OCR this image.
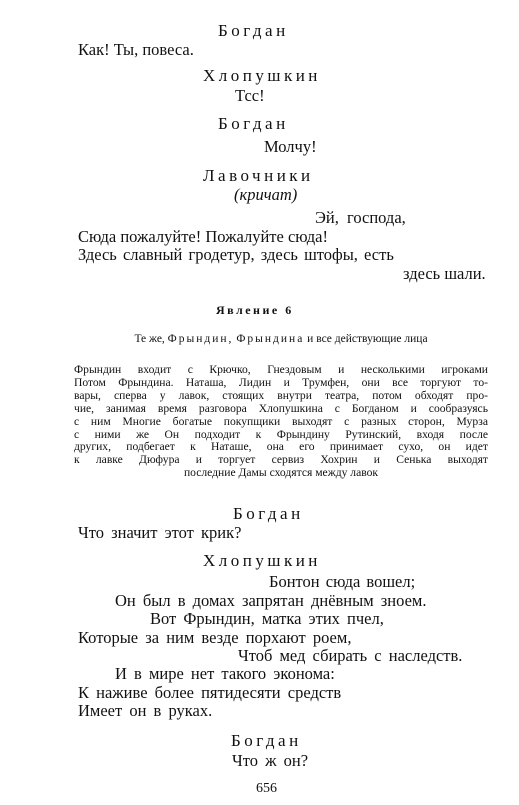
Богдан
Как! Ты, повеса.
Хлопушкин
Тсс!
Богдан
Молчу!
Лавочники
(кричат)
Эй, господа,
Сюда пожалуйте! Пожалуйте сюда!
Здесь славный гродетур, здесь штофы, есть
здесь шали.
Явление 6
Те же, Фрындин, Фрындина и все действующие лица
Фрындин входит с Крючко, Гнездовым и несколькими игроками
Потом Фрындина. Наташа, Лидин и Трумфен, они все торгуют то-
вары, сперва у лавок, стоящих внутри театра, потом обходят про-
чие, занимая время разговора Хлопушкина с Богданом и сообразуясь
с ним Многие богатые покупщики выходят с разных сторон, Мурза
с ними же Он подходит к Фрындину Рутинский, входя после
других, подбегает к Наташе, она его принимает сухо, он идет
к лавке Дюфура и торгует сервиз Хохрин и Сенька выходят
последние Дамы сходятся между лавок
Богдан
Что значит этот крик?
Хлопушкин
Бонтон сюда вошел;
Он был в домах запрятан днёвным зноем.
Вот Фрындин, матка этих пчел,
Которые за ним везде порхают роем,
Чтоб мед сбирать с наследств.
И в мире нет такого эконома:
К наживе более пятидесяти средств
Имеет он в руках.
Богдан
Что ж он?
656
